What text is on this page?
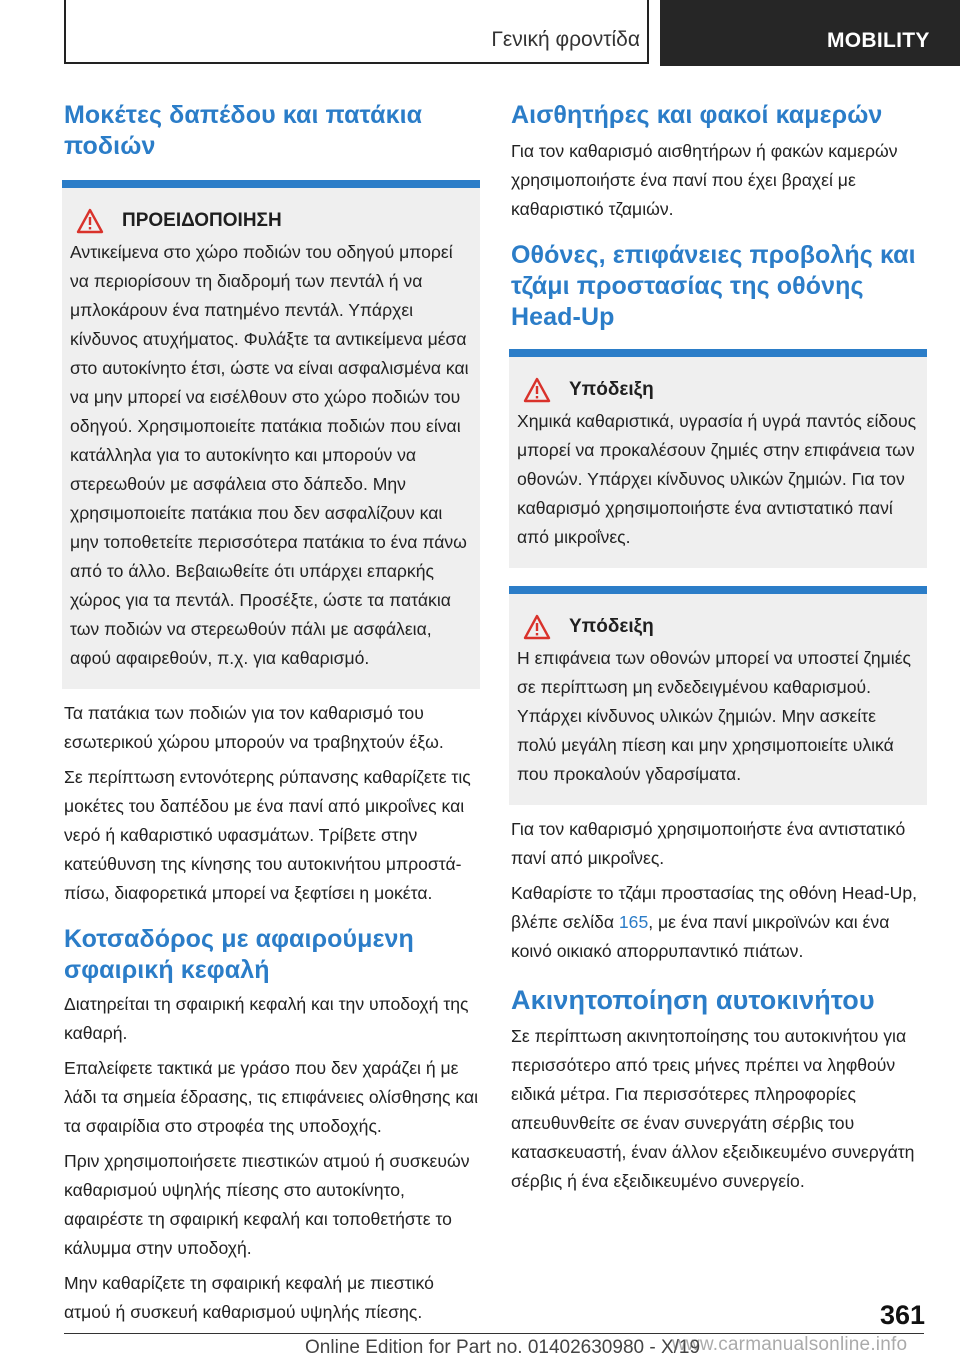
Γενική φροντίδα	MOBILITY
Μοκέτες δαπέδου και πατάκια ποδιών
ΠΡΟΕΙΔΟΠΟΙΗΣΗ

Αντικείμενα στο χώρο ποδιών του οδηγού μπορεί να περιορίσουν τη διαδρομή των πεντάλ ή να μπλοκάρουν ένα πατημένο πεντάλ. Υπάρχει κίνδυνος ατυχήματος. Φυλάξτε τα αντικείμενα μέσα στο αυτοκίνητο έτσι, ώστε να είναι ασφαλισμένα και να μην μπορεί να εισέλθουν στο χώρο ποδιών του οδηγού. Χρησιμοποιείτε πατάκια ποδιών που είναι κατάλληλα για το αυτοκίνητο και μπορούν να στερεωθούν με ασφάλεια στο δάπεδο. Μην χρησιμοποιείτε πατάκια που δεν ασφαλίζουν και μην τοποθετείτε περισσότερα πατάκια το ένα πάνω από το άλλο. Βεβαιωθείτε ότι υπάρχει επαρκής χώρος για τα πεντάλ. Προσέξτε, ώστε τα πατάκια των ποδιών να στερεωθούν πάλι με ασφάλεια, αφού αφαιρεθούν, π.χ. για καθαρισμό.

Τα πατάκια των ποδιών για τον καθαρισμό του εσωτερικού χώρου μπορούν να τραβηχτούν έξω.

Σε περίπτωση εντονότερης ρύπανσης καθαρίζετε τις μοκέτες του δαπέδου με ένα πανί από μικροΐνες και νερό ή καθαριστικό υφασμάτων. Τρίβετε στην κατεύθυνση της κίνησης του αυτοκινήτου μπροστά-πίσω, διαφορετικά μπορεί να ξεφτίσει η μοκέτα.

Κοτσαδόρος με αφαιρούμενη σφαιρική κεφαλή

Διατηρείται τη σφαιρική κεφαλή και την υποδοχή της καθαρή.

Επαλείφετε τακτικά με γράσο που δεν χαράζει ή με λάδι τα σημεία έδρασης, τις επιφάνειες ολίσθησης και τα σφαιρίδια στο στροφέα της υποδοχής.

Πριν χρησιμοποιήσετε πιεστικών ατμού ή συσκευών καθαρισμού υψηλής πίεσης στο αυτοκίνητο, αφαιρέστε τη σφαιρική κεφαλή και τοποθετήστε το κάλυμμα στην υποδοχή.

Μην καθαρίζετε τη σφαιρική κεφαλή με πιεστικό ατμού ή συσκευή καθαρισμού υψηλής πίεσης.

Αισθητήρες και φακοί καμερών

Για τον καθαρισμό αισθητήρων ή φακών καμερών χρησιμοποιήστε ένα πανί που έχει βραχεί με καθαριστικό τζαμιών.

Οθόνες, επιφάνειες προβολής και τζάμι προστασίας της οθόνης Head-Up
Υπόδειξη

Χημικά καθαριστικά, υγρασία ή υγρά παντός είδους μπορεί να προκαλέσουν ζημιές στην επιφάνεια των οθονών. Υπάρχει κίνδυνος υλικών ζημιών. Για τον καθαρισμό χρησιμοποιήστε ένα αντιστατικό πανί από μικροΐνες.

Υπόδειξη

Η επιφάνεια των οθονών μπορεί να υποστεί ζημιές σε περίπτωση μη ενδεδειγμένου καθαρισμού. Υπάρχει κίνδυνος υλικών ζημιών. Μην ασκείτε πολύ μεγάλη πίεση και μην χρησιμοποιείτε υλικά που προκαλούν γδαρσίματα.

Για τον καθαρισμό χρησιμοποιήστε ένα αντιστατικό πανί από μικροΐνες.

Καθαρίστε το τζάμι προστασίας της οθόνη Head-Up, βλέπε σελίδα 165, με ένα πανί μικροϊνών και ένα κοινό οικιακό απορρυπαντικό πιάτων.

Ακινητοποίηση αυτοκινήτου

Σε περίπτωση ακινητοποίησης του αυτοκινήτου για περισσότερο από τρεις μήνες πρέπει να ληφθούν ειδικά μέτρα. Για περισσότερες πληροφορίες απευθυνθείτε σε έναν συνεργάτη σέρβις του κατασκευαστή, έναν άλλον εξειδικευμένο συνεργάτη σέρβις ή ένα εξειδικευμένο συνεργείο.

361
Online Edition for Part no. 01402630980 - X/19
www.carmanualsonline.info
